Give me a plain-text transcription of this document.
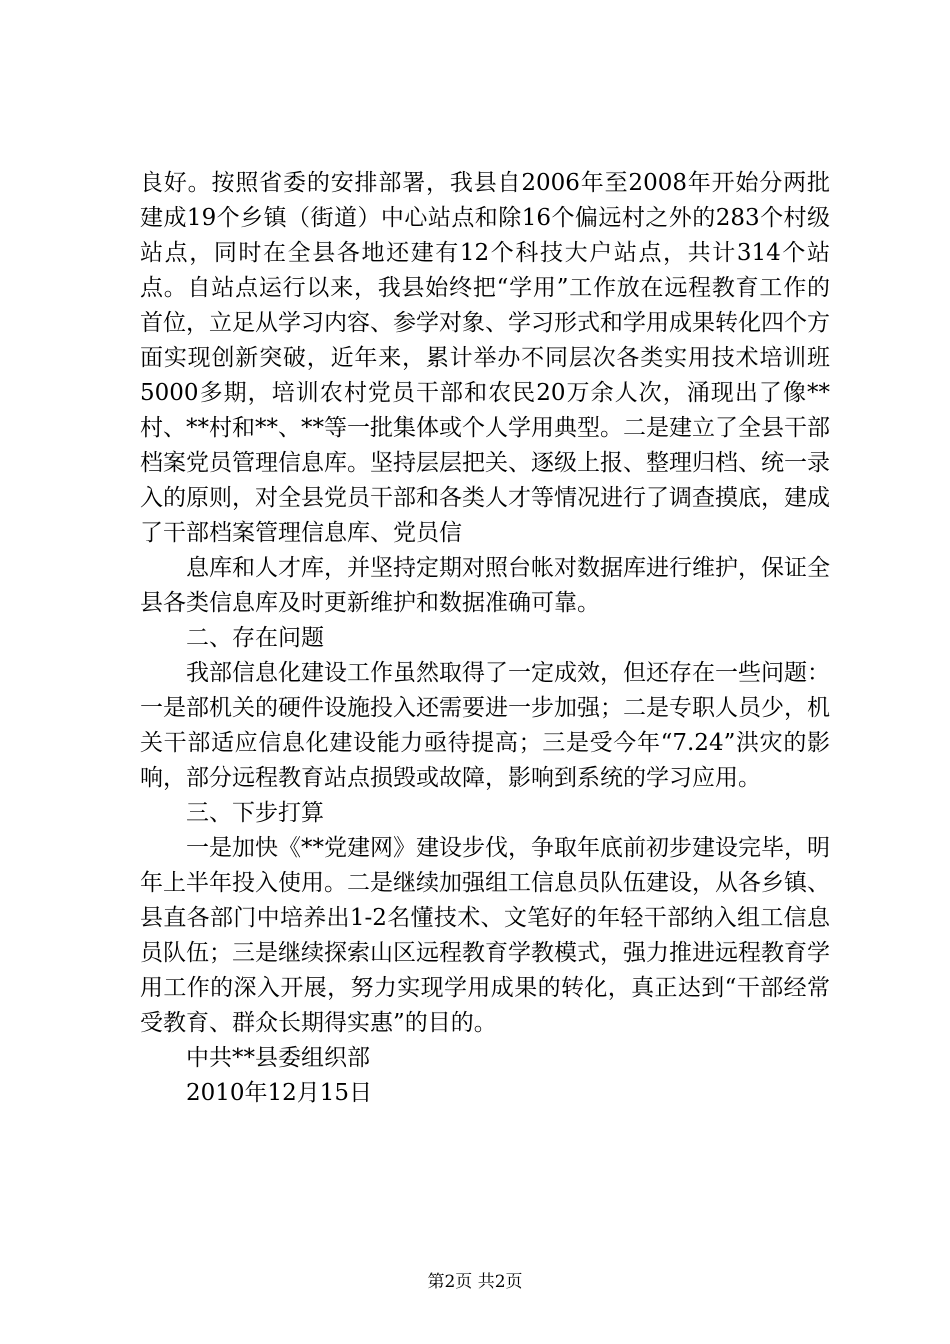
良好。按照省委的安排部署，我县自2006年至2008年开始分两批建成19个乡镇（街道）中心站点和除16个偏远村之外的283个村级站点，同时在全县各地还建有12个科技大户站点，共计314个站点。自站点运行以来，我县始终把“学用”工作放在远程教育工作的首位，立足从学习内容、参学对象、学习形式和学用成果转化四个方面实现创新突破，近年来，累计举办不同层次各类实用技术培训班5000多期，培训农村党员干部和农民20万余人次，涌现出了像**村、**村和**、**等一批集体或个人学用典型。二是建立了全县干部档案党员管理信息库。坚持层层把关、逐级上报、整理归档、统一录入的原则，对全县党员干部和各类人才等情况进行了调查摸底，建成了干部档案管理信息库、党员信

息库和人才库，并坚持定期对照台帐对数据库进行维护，保证全县各类信息库及时更新维护和数据准确可靠。

二、存在问题

我部信息化建设工作虽然取得了一定成效，但还存在一些问题：一是部机关的硬件设施投入还需要进一步加强；二是专职人员少，机关干部适应信息化建设能力亟待提高；三是受今年“7.24”洪灾的影响，部分远程教育站点损毁或故障，影响到系统的学习应用。

三、下步打算

一是加快《**党建网》建设步伐，争取年底前初步建设完毕，明年上半年投入使用。二是继续加强组工信息员队伍建设，从各乡镇、县直各部门中培养出1-2名懂技术、文笔好的年轻干部纳入组工信息员队伍；三是继续探索山区远程教育学教模式，强力推进远程教育学用工作的深入开展，努力实现学用成果的转化，真正达到“干部经常受教育、群众长期得实惠”的目的。

中共**县委组织部

2010年12月15日

第2页 共2页
